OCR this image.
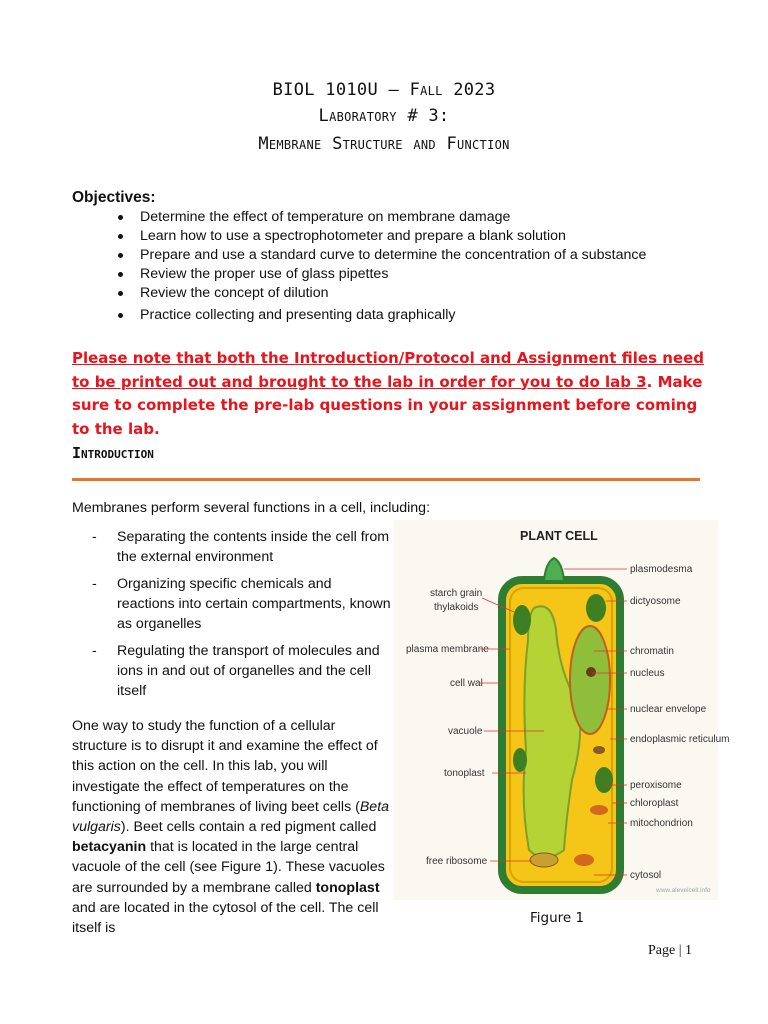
BIOL 1010U – Fall 2023
Laboratory # 3:
Membrane Structure and Function
Objectives:
Determine the effect of temperature on membrane damage
Learn how to use a spectrophotometer and prepare a blank solution
Prepare and use a standard curve to determine the concentration of a substance
Review the proper use of glass pipettes
Review the concept of dilution
Practice collecting and presenting data graphically
Please note that both the Introduction/Protocol and Assignment files need to be printed out and brought to the lab in order for you to do lab 3. Make sure to complete the pre-lab questions in your assignment before coming to the lab.
Introduction
Membranes perform several functions in a cell, including:
- Separating the contents inside the cell from the external environment
- Organizing specific chemicals and reactions into certain compartments, known as organelles
- Regulating the transport of molecules and ions in and out of organelles and the cell itself
One way to study the function of a cellular structure is to disrupt it and examine the effect of this action on the cell. In this lab, you will investigate the effect of temperatures on the functioning of membranes of living beet cells (Beta vulgaris). Beet cells contain a red pigment called betacyanin that is located in the large central vacuole of the cell (see Figure 1). These vacuoles are surrounded by a membrane called tonoplast and are located in the cytosol of the cell. The cell itself is
PLANT CELL
starch grain
thylakoids
plasma membrane
cell wal
vacuole
tonoplast
free ribosome
plasmodesma
dictyosome
chromatin
nucleus
nuclear envelope
endoplasmic reticulum
peroxisome
chloroplast
mitochondrion
cytosol
www.alevelcell.info
Figure 1
Page | 1
